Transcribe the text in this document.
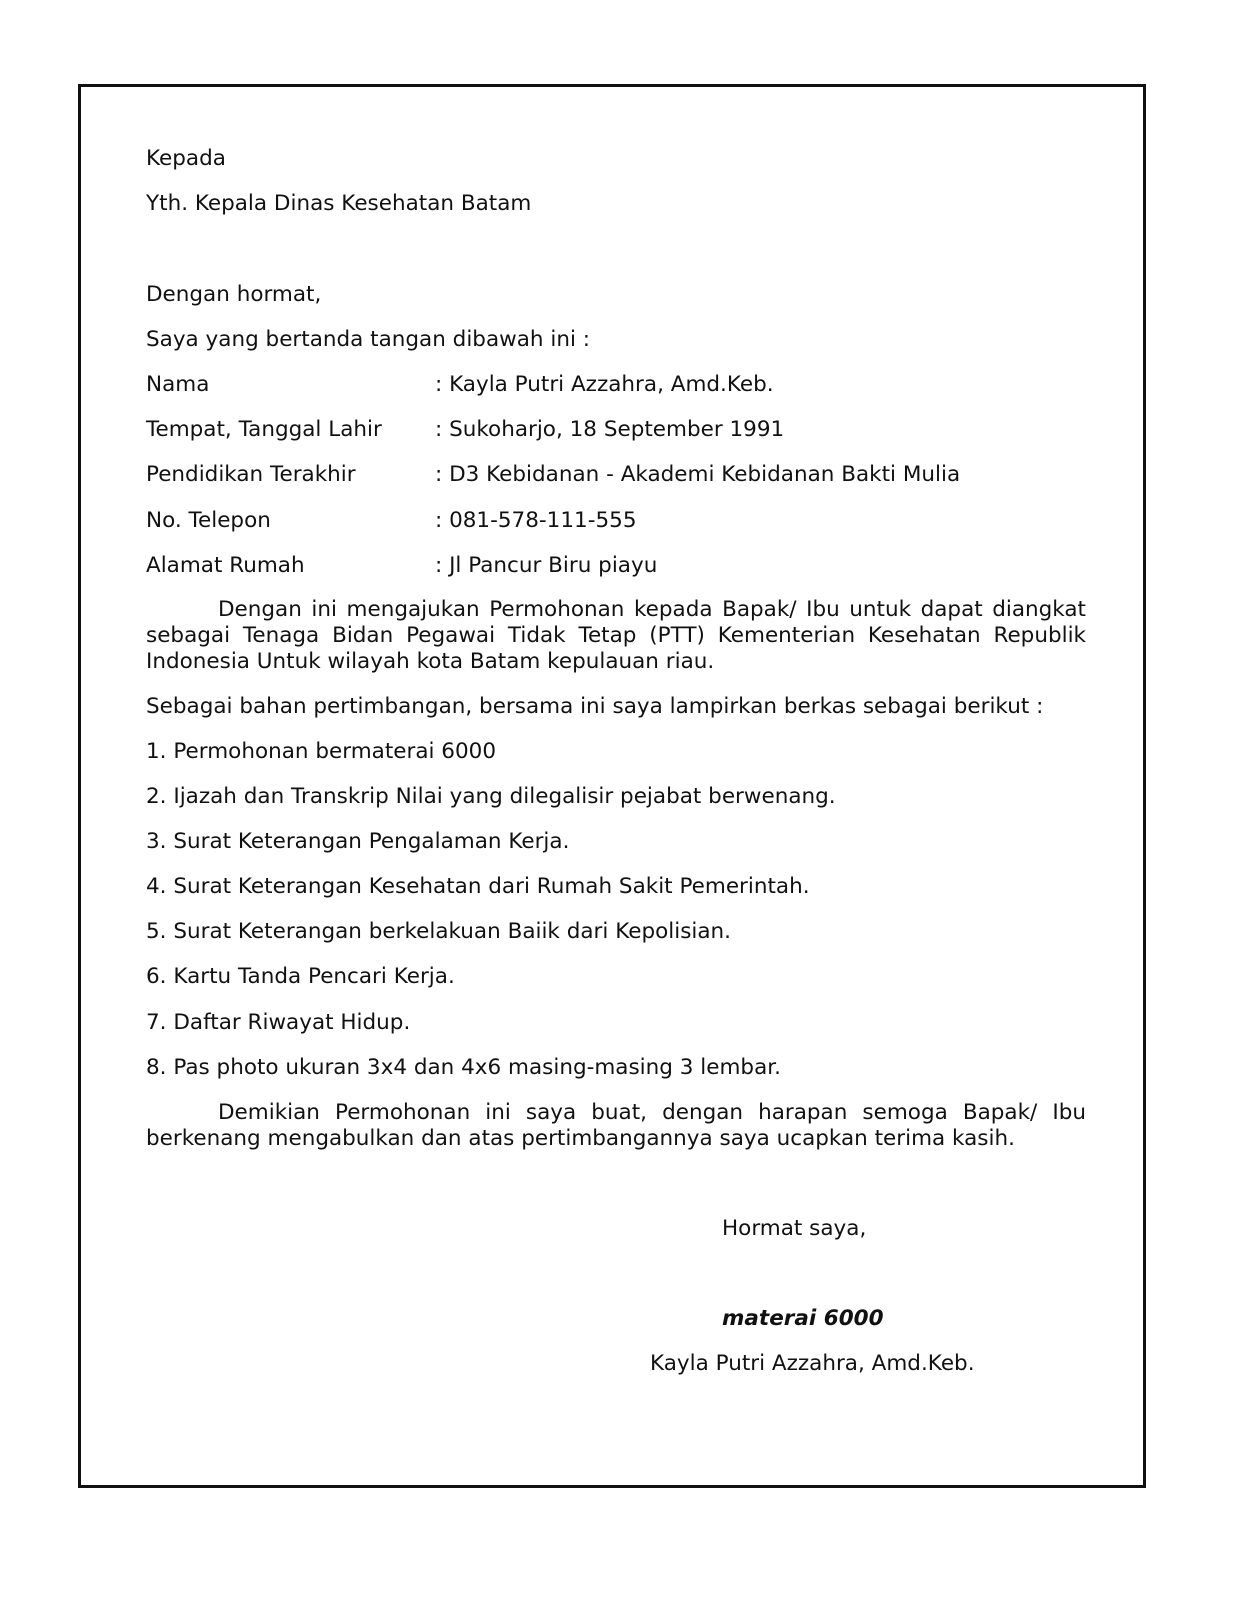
Kepada
Yth. Kepala Dinas Kesehatan Batam
Dengan hormat,
Saya yang bertanda tangan dibawah ini :
Nama	: Kayla Putri Azzahra, Amd.Keb.
Tempat, Tanggal Lahir : Sukoharjo, 18 September 1991
Pendidikan Terakhir	: D3 Kebidanan - Akademi Kebidanan Bakti Mulia
No. Telepon	: 081-578-111-555
Alamat Rumah	: Jl Pancur Biru piayu
Dengan ini mengajukan Permohonan kepada Bapak/ Ibu untuk dapat diangkat sebagai Tenaga Bidan Pegawai Tidak Tetap (PTT) Kementerian Kesehatan Republik Indonesia Untuk wilayah kota Batam kepulauan riau.
Sebagai bahan pertimbangan, bersama ini saya lampirkan berkas sebagai berikut :
1. Permohonan bermaterai 6000
2. Ijazah dan Transkrip Nilai yang dilegalisir pejabat berwenang.
3. Surat Keterangan Pengalaman Kerja.
4. Surat Keterangan Kesehatan dari Rumah Sakit Pemerintah.
5. Surat Keterangan berkelakuan Baiik dari Kepolisian.
6. Kartu Tanda Pencari Kerja.
7. Daftar Riwayat Hidup.
8. Pas photo ukuran 3x4 dan 4x6 masing-masing 3 lembar.
Demikian Permohonan ini saya buat, dengan harapan semoga Bapak/ Ibu berkenang mengabulkan dan atas pertimbangannya saya ucapkan terima kasih.
Hormat saya,
materai 6000
Kayla Putri Azzahra, Amd.Keb.
